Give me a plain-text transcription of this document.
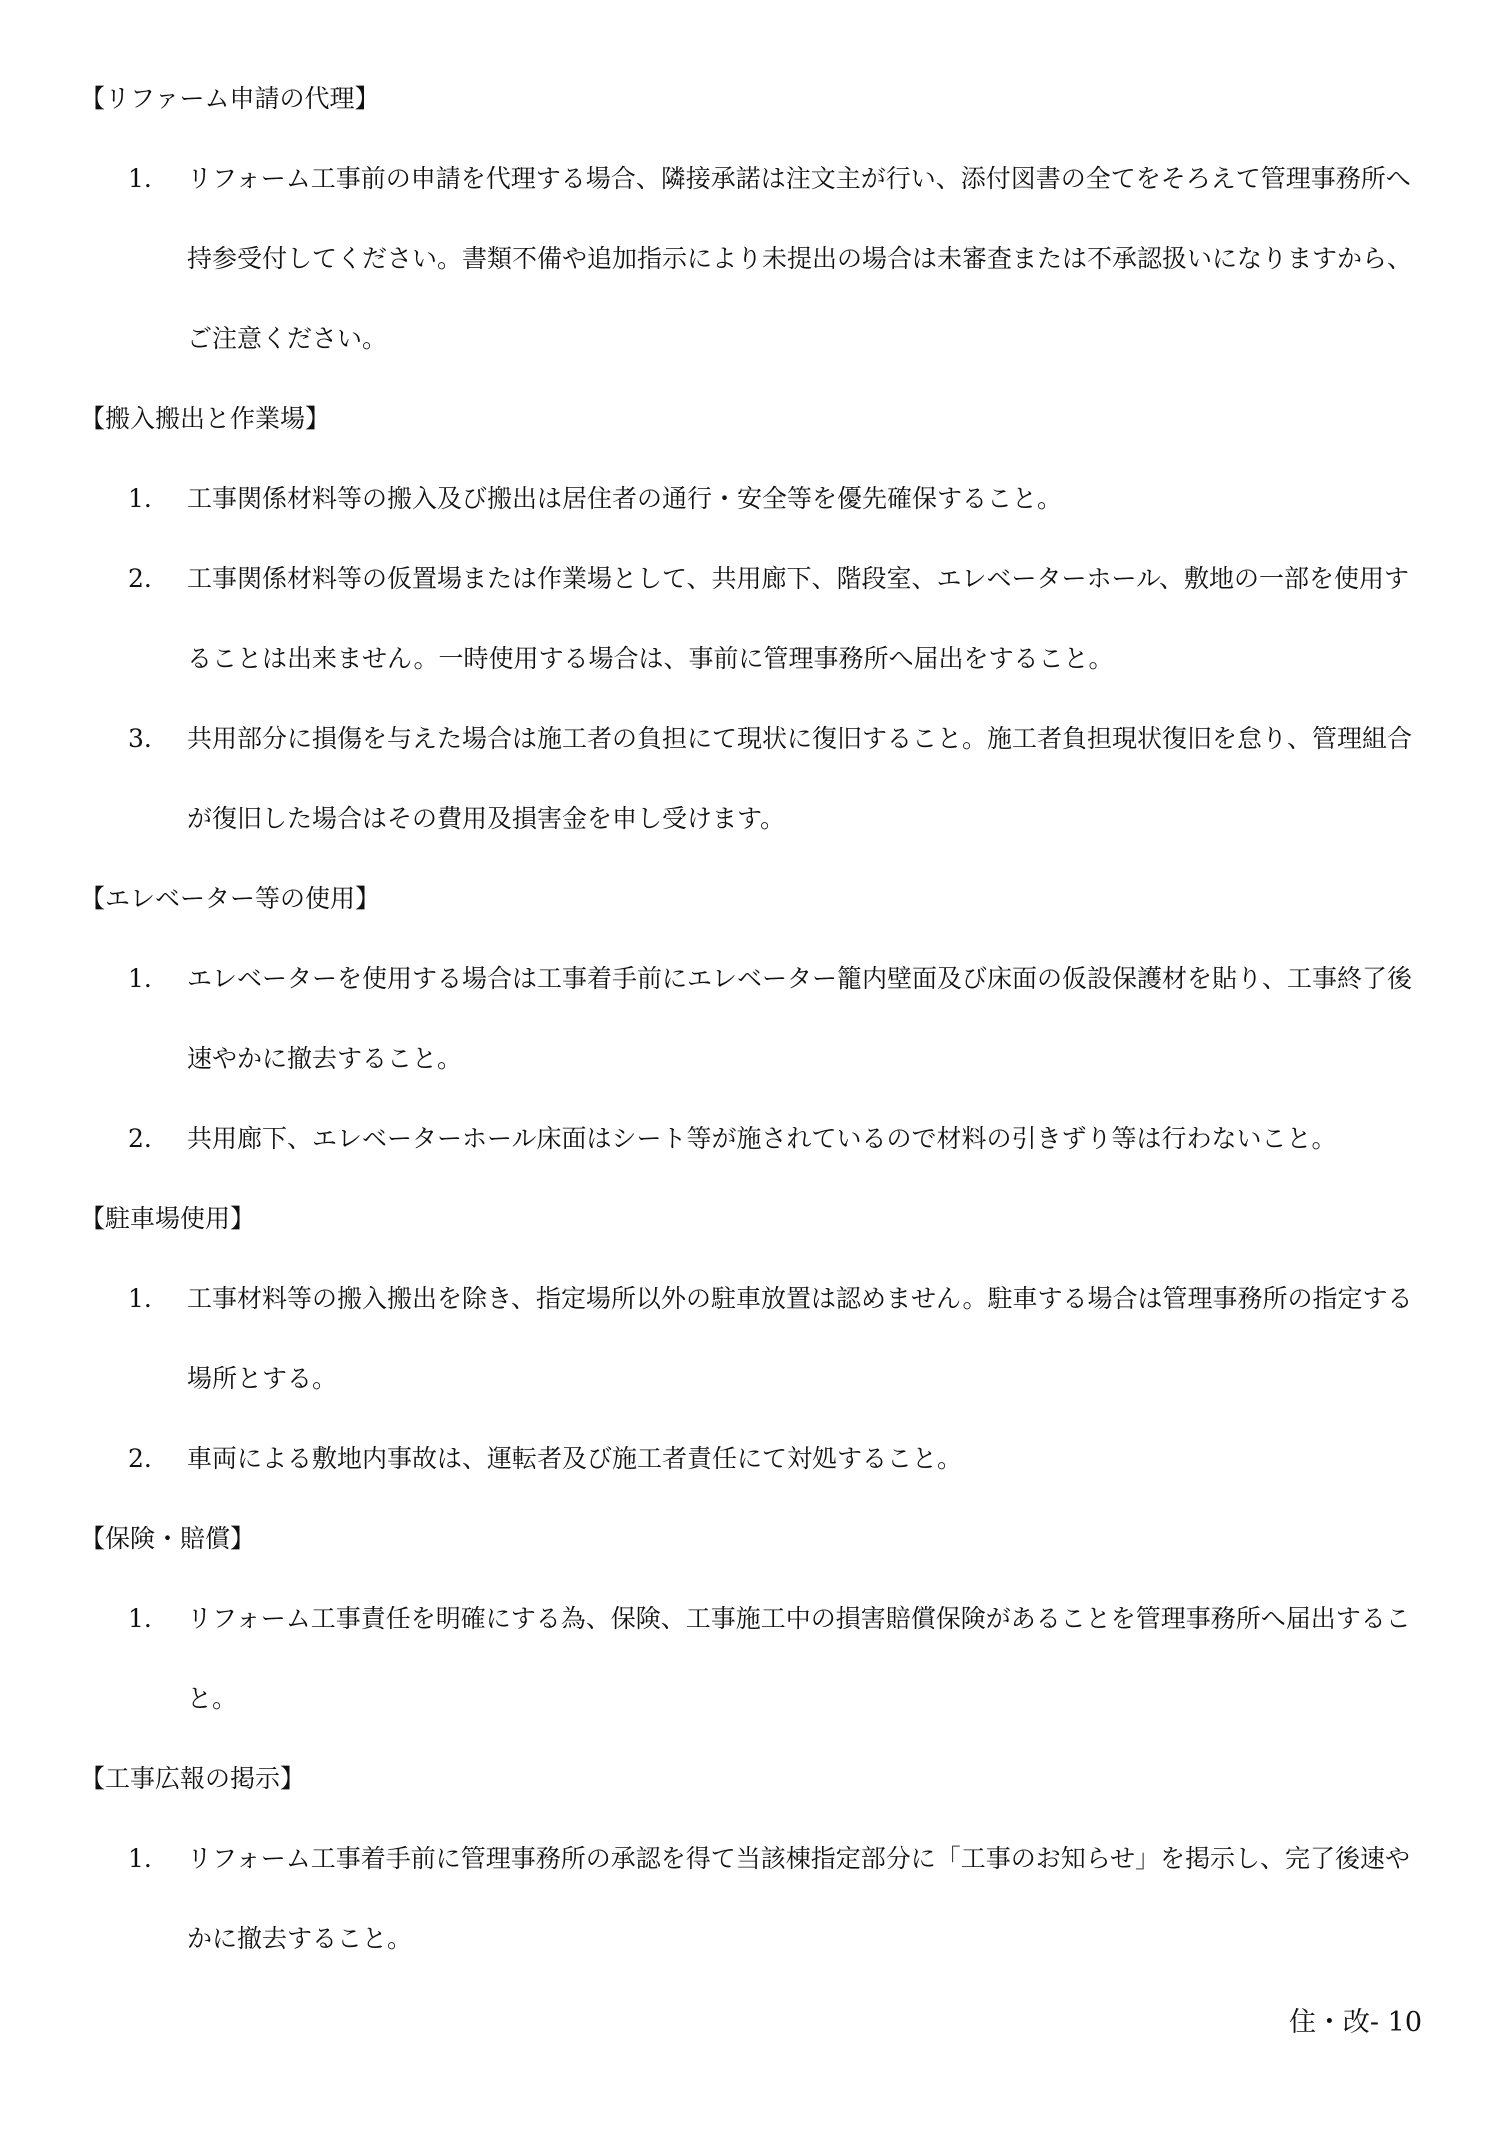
【リファーム申請の代理】
1. リフォーム工事前の申請を代理する場合、隣接承諾は注文主が行い、添付図書の全てをそろえて管理事務所へ持参受付してください。書類不備や追加指示により未提出の場合は未審査または不承認扱いになりますから、ご注意ください。
【搬入搬出と作業場】
1. 工事関係材料等の搬入及び搬出は居住者の通行・安全等を優先確保すること。
2. 工事関係材料等の仮置場または作業場として、共用廊下、階段室、エレベーターホール、敷地の一部を使用することは出来ません。一時使用する場合は、事前に管理事務所へ届出をすること。
3. 共用部分に損傷を与えた場合は施工者の負担にて現状に復旧すること。施工者負担現状復旧を怠り、管理組合が復旧した場合はその費用及損害金を申し受けます。
【エレベーター等の使用】
1. エレベーターを使用する場合は工事着手前にエレベーター籠内壁面及び床面の仮設保護材を貼り、工事終了後速やかに撤去すること。
2. 共用廊下、エレベーターホール床面はシート等が施されているので材料の引きずり等は行わないこと。
【駐車場使用】
1. 工事材料等の搬入搬出を除き、指定場所以外の駐車放置は認めません。駐車する場合は管理事務所の指定する場所とする。
2. 車両による敷地内事故は、運転者及び施工者責任にて対処すること。
【保険・賠償】
1. リフォーム工事責任を明確にする為、保険、工事施工中の損害賠償保険があることを管理事務所へ届出すること。
【工事広報の掲示】
1. リフォーム工事着手前に管理事務所の承認を得て当該棟指定部分に「工事のお知らせ」を掲示し、完了後速やかに撤去すること。
住・改- 10
